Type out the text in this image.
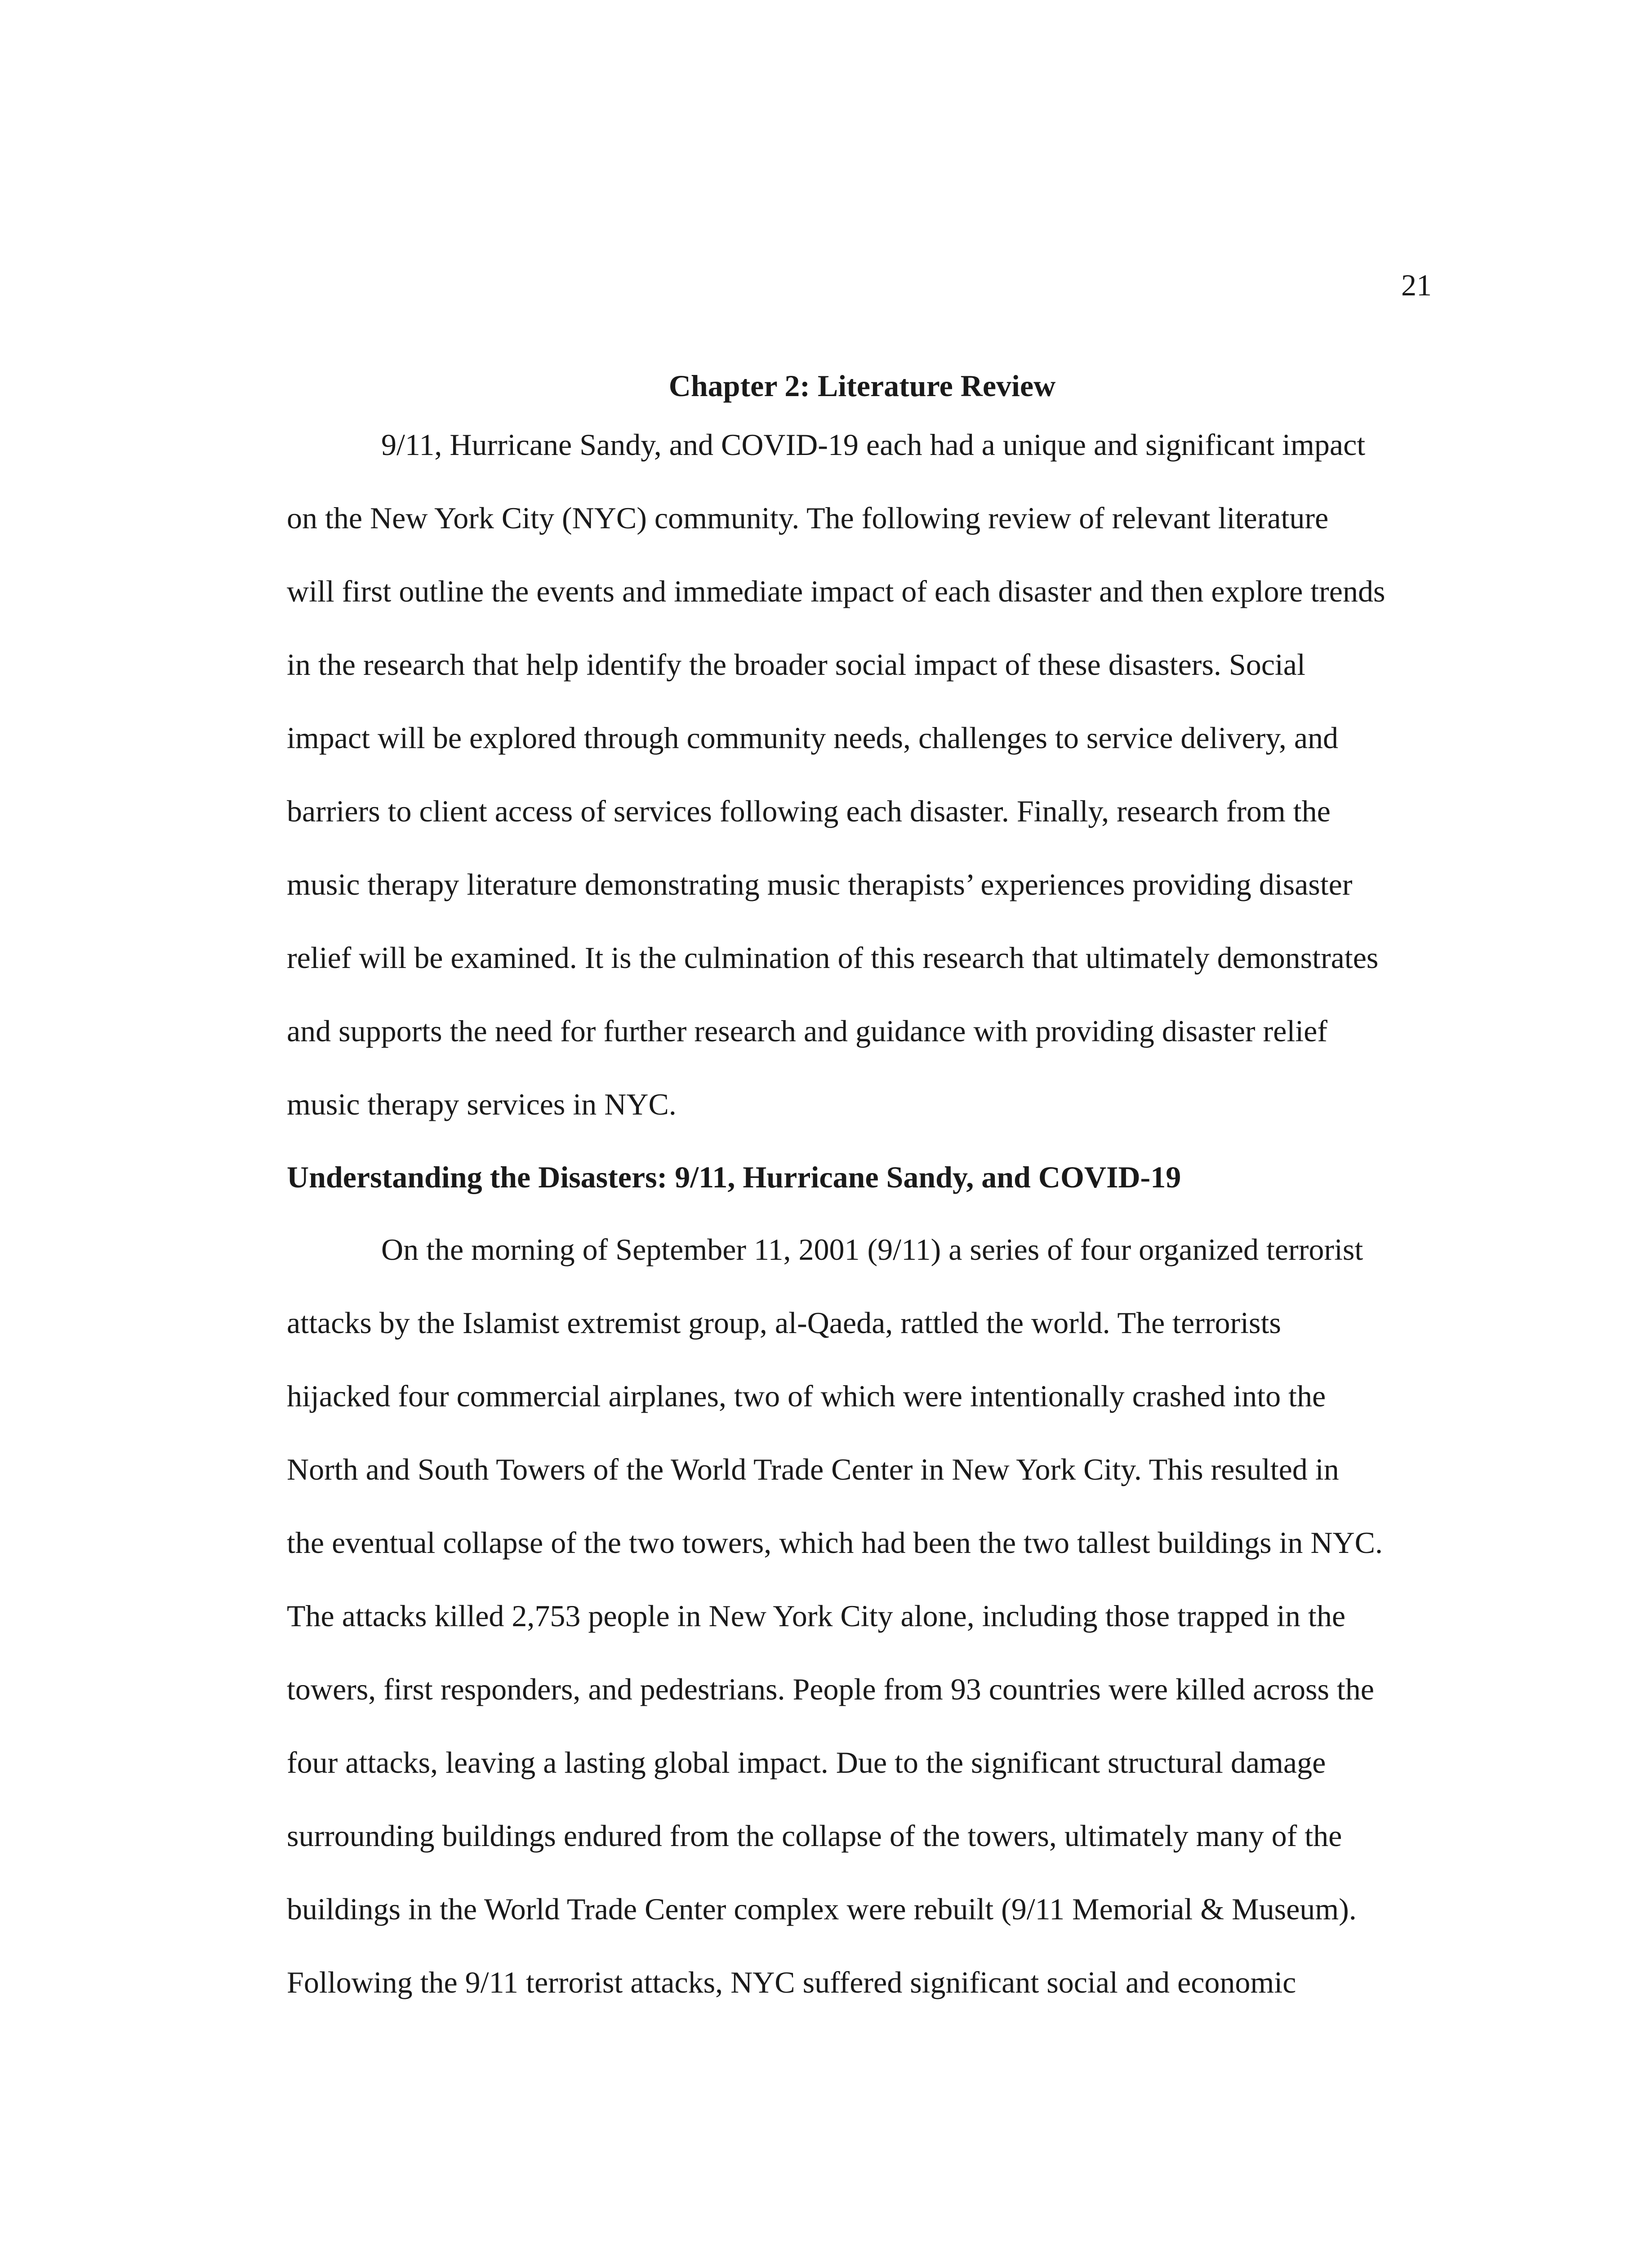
21
Chapter 2: Literature Review
9/11, Hurricane Sandy, and COVID-19 each had a unique and significant impact
on the New York City (NYC) community. The following review of relevant literature
will first outline the events and immediate impact of each disaster and then explore trends
in the research that help identify the broader social impact of these disasters. Social
impact will be explored through community needs, challenges to service delivery, and
barriers to client access of services following each disaster. Finally, research from the
music therapy literature demonstrating music therapists’ experiences providing disaster
relief will be examined. It is the culmination of this research that ultimately demonstrates
and supports the need for further research and guidance with providing disaster relief
music therapy services in NYC.
Understanding the Disasters: 9/11, Hurricane Sandy, and COVID-19
On the morning of September 11, 2001 (9/11) a series of four organized terrorist
attacks by the Islamist extremist group, al-Qaeda, rattled the world. The terrorists
hijacked four commercial airplanes, two of which were intentionally crashed into the
North and South Towers of the World Trade Center in New York City. This resulted in
the eventual collapse of the two towers, which had been the two tallest buildings in NYC.
The attacks killed 2,753 people in New York City alone, including those trapped in the
towers, first responders, and pedestrians. People from 93 countries were killed across the
four attacks, leaving a lasting global impact. Due to the significant structural damage
surrounding buildings endured from the collapse of the towers, ultimately many of the
buildings in the World Trade Center complex were rebuilt (9/11 Memorial & Museum).
Following the 9/11 terrorist attacks, NYC suffered significant social and economic
